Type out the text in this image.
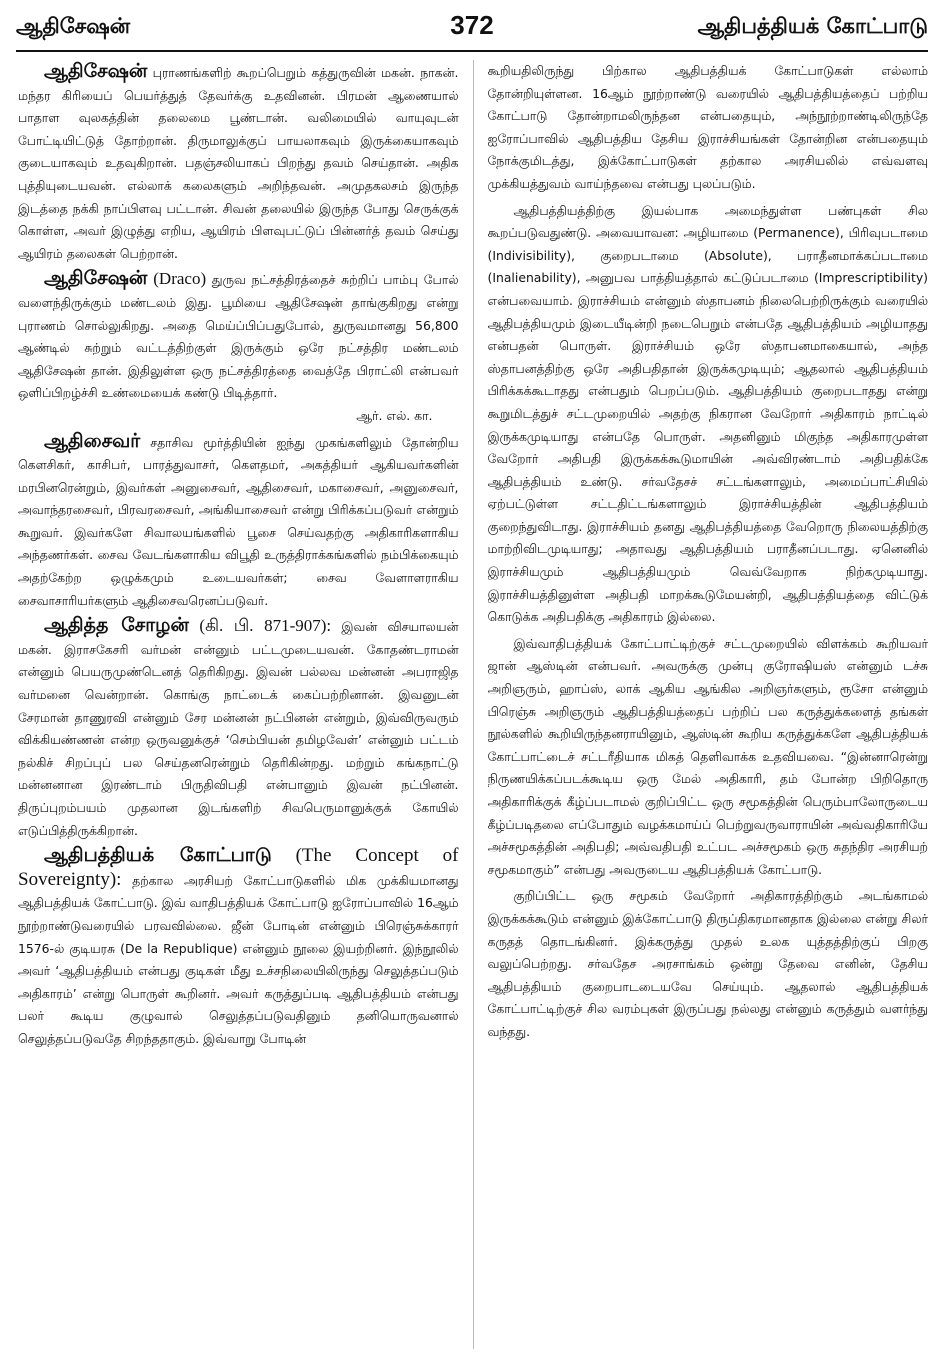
ஆதிசேஷன்	372	ஆதிபத்தியக் கோட்பாடு

ஆதிசேஷன் புராணங்களிற் கூறப்பெறும் கத்துருவின் மகன். நாகன். மந்தர கிரியைப் பெயர்த்துத் தேவர்க்கு உதவினன். பிரமன் ஆணையால் பாதாள வுலகத்தின் தலைமை பூண்டான். வலிமையில் வாயுவுடன் போட்டியிட்டுத் தோற்றான். திருமாலுக்குப் பாயலாகவும் இருக்கையாகவும் குடையாகவும் உதவுகிறான். பதஞ்சலியாகப் பிறந்து தவம் செய்தான். அதிக புத்தியுடையவன். எல்லாக் கலைகளும் அறிந்தவன். அமுதகலசம் இருந்த இடத்தை நக்கி நாப்பிளவு பட்டான். சிவன் தலையில் இருந்த போது செருக்குக் கொள்ள, அவர் இழுத்து எறிய, ஆயிரம் பிளவுபட்டுப் பின்னர்த் தவம் செய்து ஆயிரம் தலைகள் பெற்றான்.

ஆதிசேஷன் (Draco) துருவ நட்சத்திரத்தைச் சுற்றிப் பாம்பு போல் வளைந்திருக்கும் மண்டலம் இது. பூமியை ஆதிசேஷன் தாங்குகிறது என்று புராணம் சொல்லுகிறது. அதை மெய்ப்பிப்பதுபோல், துருவமானது 56,800 ஆண்டில் சுற்றும் வட்டத்திற்குள் இருக்கும் ஒரே நட்சத்திர மண்டலம் ஆதிசேஷன் தான். இதிலுள்ள ஒரு நட்சத்திரத்தை வைத்தே பிராட்லி என்பவர் ஒளிப்பிறழ்ச்சி உண்மையைக் கண்டு பிடித்தார்.

ஆர். எல். கா.

ஆதிசைவர் சதாசிவ மூர்த்தியின் ஐந்து முகங்களிலும் தோன்றிய கௌசிகர், காசிபர், பாரத்துவாசர், கௌதமர், அகத்தியர் ஆகியவர்களின் மரபினரென்றும், இவர்கள் அனுசைவர், ஆதிசைவர், மகாசைவர், அனுசைவர், அவாந்தரசைவர், பிரவரசைவர், அங்கியாசைவர் என்று பிரிக்கப்படுவர் என்றும் கூறுவர். இவர்களே சிவாலயங்களில் பூசை செய்வதற்கு அதிகாரிகளாகிய அந்தணர்கள். சைவ வேடங்களாகிய விபூதி உருத்திராக்கங்களில் நம்பிக்கையும் அதற்கேற்ற ஒழுக்கமும் உடையவர்கள்; சைவ வேளாளராகிய சைவாசாரியர்களும் ஆதிசைவரெனப்படுவர்.

ஆதித்த சோழன் (கி. பி. 871-907): இவன் விசயாலயன் மகன். இராசகேசரி வர்மன் என்னும் பட்டமுடையவன். கோதண்டராமன் என்னும் பெயருமுண்டெனத் தெரிகிறது. இவன் பல்லவ மன்னன் அபராஜித வர்மனை வென்றான். கொங்கு நாட்டைக் கைப்பற்றினான். இவனுடன் சேரமான் தாணுரவி என்னும் சேர மன்னன் நட்பினன் என்றும், இவ்விருவரும் விக்கியண்ணன் என்ற ஒருவனுக்குச் ‘செம்பியன் தமிழவேள்’ என்னும் பட்டம் நல்கிச் சிறப்புப் பல செய்தனரென்றும் தெரிகின்றது. மற்றும் கங்கநாட்டு மன்னனான இரண்டாம் பிருதிவிபதி என்பானும் இவன் நட்பினன். திருப்புறம்பயம் முதலான இடங்களிற் சிவபெருமானுக்குக் கோயில் எடுப்பித்திருக்கிறான்.

ஆதிபத்தியக் கோட்பாடு (The Concept of Sovereignty): தற்கால அரசியற் கோட்பாடுகளில் மிக முக்கியமானது ஆதிபத்தியக் கோட்பாடு. இவ் வாதிபத்தியக் கோட்பாடு ஐரோப்பாவில் 16ஆம் நூற்றாண்டுவரையில் பரவவில்லை. ஜீன் போடின் என்னும் பிரெஞ்சுக்காரர் 1576-ல் குடியரசு (De la Republique) என்னும் நூலை இயற்றினர். இந்நூலில் அவர் ‘ஆதிபத்தியம் என்பது குடிகள் மீது உச்சநிலையிலிருந்து செலுத்தப்படும் அதிகாரம்’ என்று பொருள் கூறினர். அவர் கருத்துப்படி ஆதிபத்தியம் என்பது பலர் கூடிய குழுவால் செலுத்தப்படுவதினும் தனியொருவனால் செலுத்தப்படுவதே சிறந்ததாகும். இவ்வாறு போடின்

கூறியதிலிருந்து பிற்கால ஆதிபத்தியக் கோட்பாடுகள் எல்லாம் தோன்றியுள்ளன. 16ஆம் நூற்றாண்டு வரையில் ஆதிபத்தியத்தைப் பற்றிய கோட்பாடு தோன்றாமலிருந்தன என்பதையும், அந்நூற்றாண்டிலிருந்தே ஐரோப்பாவில் ஆதிபத்திய தேசிய இராச்சியங்கள் தோன்றின என்பதையும் நோக்குமிடத்து, இக்கோட்பாடுகள் தற்கால அரசியலில் எவ்வளவு முக்கியத்துவம் வாய்ந்தவை என்பது புலப்படும்.

ஆதிபத்தியத்திற்கு இயல்பாக அமைந்துள்ள பண்புகள் சில கூறப்படுவதுண்டு. அவையாவன: அழியாமை (Permanence), பிரிவுபடாமை (Indivisibility), குறைபடாமை (Absolute), பராதீனமாக்கப்படாமை (Inalienability), அனுபவ பாத்தியத்தால் கட்டுப்படாமை (Imprescriptibility) என்பவையாம். இராச்சியம் என்னும் ஸ்தாபனம் நிலைபெற்றிருக்கும் வரையில் ஆதிபத்தியமும் இடையீடின்றி நடைபெறும் என்பதே ஆதிபத்தியம் அழியாதது என்பதன் பொருள். இராச்சியம் ஒரே ஸ்தாபனமாகையால், அந்த ஸ்தாபனத்திற்கு ஒரே அதிபதிதான் இருக்கமுடியும்; ஆதலால் ஆதிபத்தியம் பிரிக்கக்கூடாதது என்பதும் பெறப்படும். ஆதிபத்தியம் குறைபடாதது என்று கூறுமிடத்துச் சட்டமுறையில் அதற்கு நிகரான வேறோர் அதிகாரம் நாட்டில் இருக்கமுடியாது என்பதே பொருள். அதனினும் மிகுந்த அதிகாரமுள்ள வேறோர் அதிபதி இருக்கக்கூடுமாயின் அவ்விரண்டாம் அதிபதிக்கே ஆதிபத்தியம் உண்டு. சர்வதேசச் சட்டங்களாலும், அமைப்பாட்சியில் ஏற்பட்டுள்ள சட்டதிட்டங்களாலும் இராச்சியத்தின் ஆதிபத்தியம் குறைந்துவிடாது. இராச்சியம் தனது ஆதிபத்தியத்தை வேறொரு நிலையத்திற்கு மாற்றிவிடமுடியாது; அதாவது ஆதிபத்தியம் பராதீனப்படாது. ஏனெனில் இராச்சியமும் ஆதிபத்தியமும் வெவ்வேறாக நிற்கமுடியாது. இராச்சியத்தினுள்ள அதிபதி மாறக்கூடுமேயன்றி, ஆதிபத்தியத்தை விட்டுக் கொடுக்க அதிபதிக்கு அதிகாரம் இல்லை.

இவ்வாதிபத்தியக் கோட்பாட்டிற்குச் சட்டமுறையில் விளக்கம் கூறியவர் ஜான் ஆஸ்டின் என்பவர். அவருக்கு முன்பு குரோஷியஸ் என்னும் டச்சு அறிஞரும், ஹாப்ஸ், லாக் ஆகிய ஆங்கில அறிஞர்களும், ரூசோ என்னும் பிரெஞ்சு அறிஞரும் ஆதிபத்தியத்தைப் பற்றிப் பல கருத்துக்களைத் தங்கள் நூல்களில் கூறியிருந்தனராயினும், ஆஸ்டின் கூறிய கருத்துக்களே ஆதிபத்தியக் கோட்பாட்டைச் சட்டரீதியாக மிகத் தெளிவாக்க உதவியவை. “இன்னாரென்று நிருணயிக்கப்படக்கூடிய ஒரு மேல் அதிகாரி, தம் போன்ற பிறிதொரு அதிகாரிக்குக் கீழ்ப்படாமல் குறிப்பிட்ட ஒரு சமூகத்தின் பெரும்பாலோருடைய கீழ்ப்படிதலை எப்போதும் வழக்கமாய்ப் பெற்றுவருவாராயின் அவ்வதிகாரியே அச்சமூகத்தின் அதிபதி; அவ்வதிபதி உட்பட அச்சமூகம் ஒரு சுதந்திர அரசியற் சமூகமாகும்” என்பது அவருடைய ஆதிபத்தியக் கோட்பாடு.

குறிப்பிட்ட ஒரு சமூகம் வேறோர் அதிகாரத்திற்கும் அடங்காமல் இருக்கக்கூடும் என்னும் இக்கோட்பாடு திருப்திகரமானதாக இல்லை என்று சிலர் கருதத் தொடங்கினர். இக்கருத்து முதல் உலக யுத்தத்திற்குப் பிறகு வலுப்பெற்றது. சர்வதேச அரசாங்கம் ஒன்று தேவை எனின், தேசிய ஆதிபத்தியம் குறைபாடடையவே செய்யும். ஆதலால் ஆதிபத்தியக் கோட்பாட்டிற்குச் சில வரம்புகள் இருப்பது நல்லது என்னும் கருத்தும் வளர்ந்து வந்தது.
